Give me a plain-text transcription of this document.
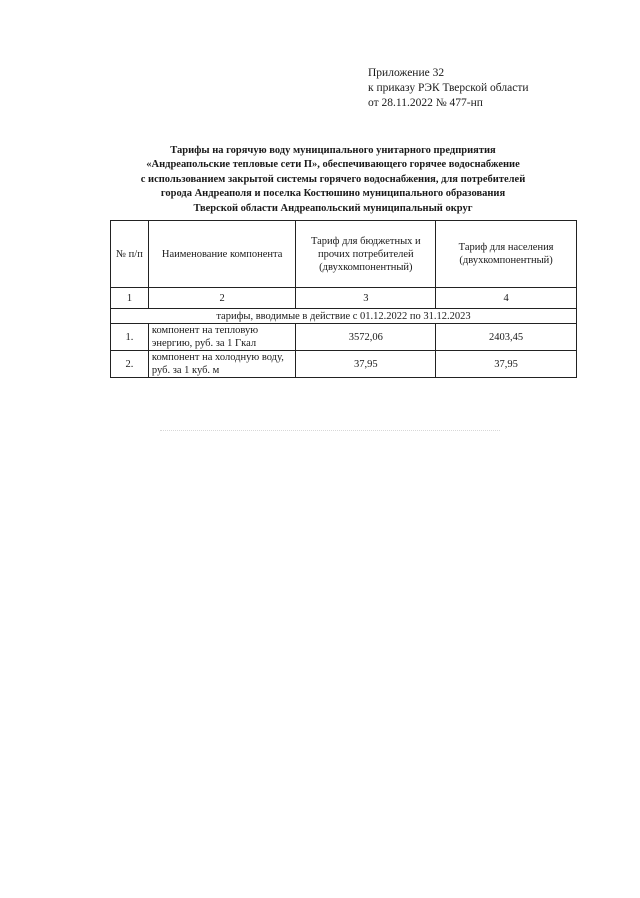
Приложение 32
к приказу РЭК Тверской области
от 28.11.2022 № 477-нп
Тарифы на горячую воду муниципального унитарного предприятия
«Андреапольские тепловые сети П», обеспечивающего горячее водоснабжение
с использованием закрытой системы горячего водоснабжения, для потребителей
города Андреаполя и поселка Костюшино муниципального образования
Тверской области Андреапольский муниципальный округ
№ п/п	Наименование компонента	Тариф для бюджетных и прочих потребителей (двухкомпонентный)	Тариф для населения (двухкомпонентный)
1	2	3	4
тарифы, вводимые в действие с 01.12.2022 по 31.12.2023			
1.	компонент на тепловую энергию, руб. за 1 Гкал	3572,06	2403,45
2.	компонент на холодную воду, руб. за 1 куб. м	37,95	37,95
